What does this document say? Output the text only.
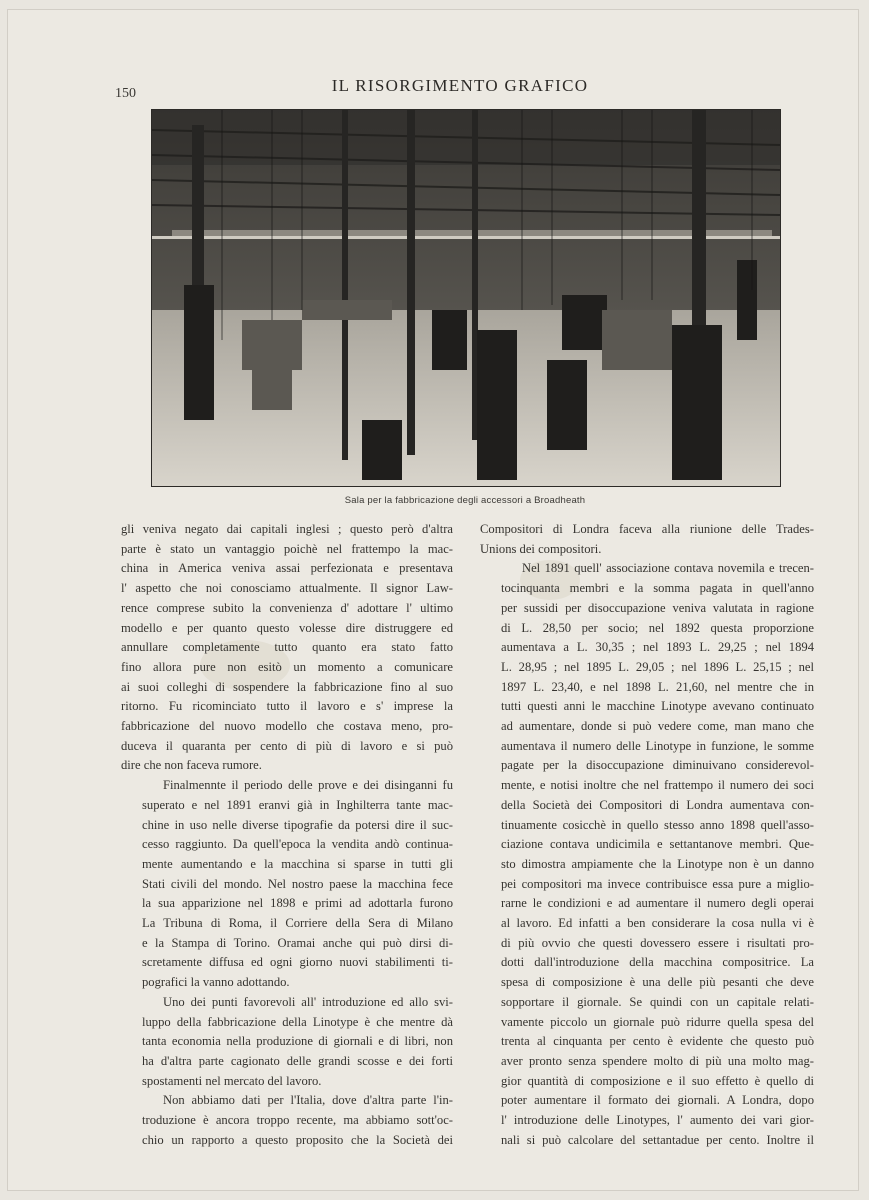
150	IL RISORGIMENTO GRAFICO
Sala per la fabbricazione degli accessori a Broadheath

gli veniva negato dai capitali inglesi ; questo però d'altra
parte è stato un vantaggio poichè nel frattempo la mac-
china in America veniva assai perfezionata e presentava
l' aspetto che noi conosciamo attualmente. Il signor Law-
rence comprese subito la convenienza d' adottare l' ultimo
modello e per quanto questo volesse dire distruggere ed
annullare completamente tutto quanto era stato fatto
fino allora pure non esitò un momento a comunicare
ai suoi colleghi di sospendere la fabbricazione fino al suo
ritorno. Fu ricominciato tutto il lavoro e s' imprese la
fabbricazione del nuovo modello che costava meno, pro-
duceva il quaranta per cento di più di lavoro e si può
dire che non faceva rumore.

Finalmennte il periodo delle prove e dei disinganni fu
superato e nel 1891 eranvi già in Inghilterra tante mac-
chine in uso nelle diverse tipografie da potersi dire il suc-
cesso raggiunto. Da quell'epoca la vendita andò continua-
mente aumentando e la macchina si sparse in tutti gli
Stati civili del mondo. Nel nostro paese la macchina fece
la sua apparizione nel 1898 e primi ad adottarla furono
La Tribuna di Roma, il Corriere della Sera di Milano
e la Stampa di Torino. Oramai anche qui può dirsi di-
scretamente diffusa ed ogni giorno nuovi stabilimenti ti-
pografici la vanno adottando.

Uno dei punti favorevoli all' introduzione ed allo svi-
luppo della fabbricazione della Linotype è che mentre dà
tanta economia nella produzione di giornali e di libri, non
ha d'altra parte cagionato delle grandi scosse e dei forti
spostamenti nel mercato del lavoro.

Non abbiamo dati per l'Italia, dove d'altra parte l'in-
troduzione è ancora troppo recente, ma abbiamo sott'oc-
chio un rapporto a questo proposito che la Società dei

Compositori di Londra faceva alla riunione delle Trades-
Unions dei compositori.

Nel 1891 quell' associazione contava novemila e trecen-
tocinquanta membri e la somma pagata in quell'anno
per sussidi per disoccupazione veniva valutata in ragione
di L. 28,50 per socio; nel 1892 questa proporzione
aumentava a L. 30,35 ; nel 1893 L. 29,25 ; nel 1894
L. 28,95 ; nel 1895 L. 29,05 ; nel 1896 L. 25,15 ; nel
1897 L. 23,40, e nel 1898 L. 21,60, nel mentre che in
tutti questi anni le macchine Linotype avevano continuato
ad aumentare, donde si può vedere come, man mano che
aumentava il numero delle Linotype in funzione, le somme
pagate per la disoccupazione diminuivano considerevol-
mente, e notisi inoltre che nel frattempo il numero dei soci
della Società dei Compositori di Londra aumentava con-
tinuamente cosicchè in quello stesso anno 1898 quell'asso-
ciazione contava undicimila e settantanove membri. Que-
sto dimostra ampiamente che la Linotype non è un danno
pei compositori ma invece contribuisce essa pure a miglio-
rarne le condizioni e ad aumentare il numero degli operai
al lavoro. Ed infatti a ben considerare la cosa nulla vi è
di più ovvio che questi dovessero essere i risultati pro-
dotti dall'introduzione della macchina compositrice. La
spesa di composizione è una delle più pesanti che deve
sopportare il giornale. Se quindi con un capitale relati-
vamente piccolo un giornale può ridurre quella spesa del
trenta al cinquanta per cento è evidente che questo può
aver pronto senza spendere molto di più una molto mag-
gior quantità di composizione e il suo effetto è quello di
poter aumentare il formato dei giornali. A Londra, dopo
l' introduzione delle Linotypes, l' aumento dei vari gior-
nali si può calcolare del settantadue per cento. Inoltre il
